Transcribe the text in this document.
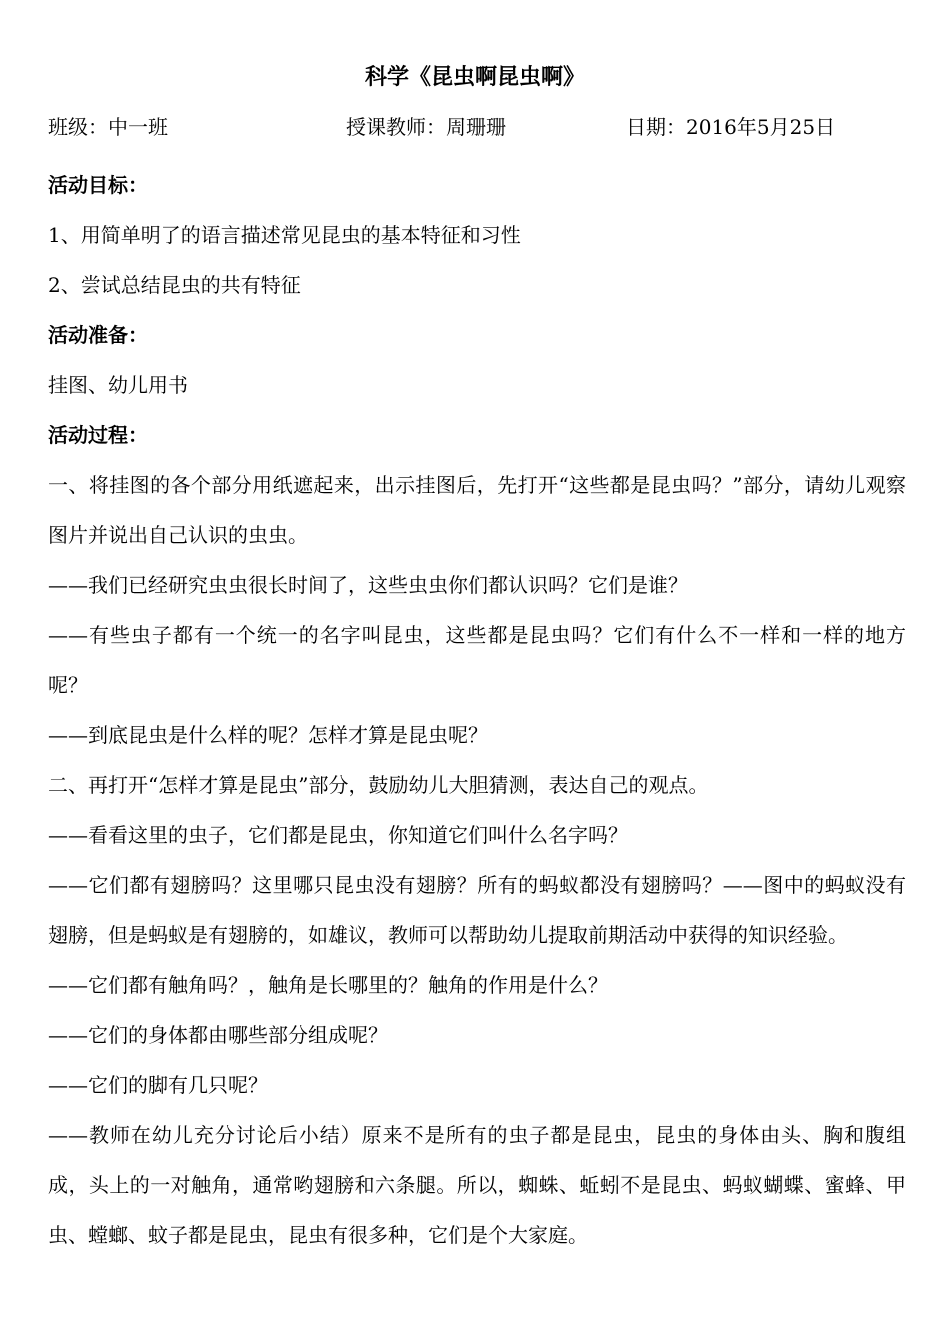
科学《昆虫啊昆虫啊》
班级：中一班	授课教师：周珊珊	日期：2016年5月25日
活动目标：

1、用简单明了的语言描述常见昆虫的基本特征和习性

2、尝试总结昆虫的共有特征

活动准备：

挂图、幼儿用书

活动过程：

一、将挂图的各个部分用纸遮起来，出示挂图后，先打开“这些都是昆虫吗？”部分，请幼儿观察图片并说出自己认识的虫虫。

——我们已经研究虫虫很长时间了，这些虫虫你们都认识吗？它们是谁？

——有些虫子都有一个统一的名字叫昆虫，这些都是昆虫吗？它们有什么不一样和一样的地方呢？

——到底昆虫是什么样的呢？怎样才算是昆虫呢？

二、再打开“怎样才算是昆虫”部分，鼓励幼儿大胆猜测，表达自己的观点。

——看看这里的虫子，它们都是昆虫，你知道它们叫什么名字吗？

——它们都有翅膀吗？这里哪只昆虫没有翅膀？所有的蚂蚁都没有翅膀吗？——图中的蚂蚁没有翅膀，但是蚂蚁是有翅膀的，如雄议，教师可以帮助幼儿提取前期活动中获得的知识经验。

——它们都有触角吗？，触角是长哪里的？触角的作用是什么？

——它们的身体都由哪些部分组成呢？

——它们的脚有几只呢？

——教师在幼儿充分讨论后小结）原来不是所有的虫子都是昆虫，昆虫的身体由头、胸和腹组成，头上的一对触角，通常哟翅膀和六条腿。所以，蜘蛛、蚯蚓不是昆虫、蚂蚁蝴蝶、蜜蜂、甲虫、螳螂、蚊子都是昆虫，昆虫有很多种，它们是个大家庭。
